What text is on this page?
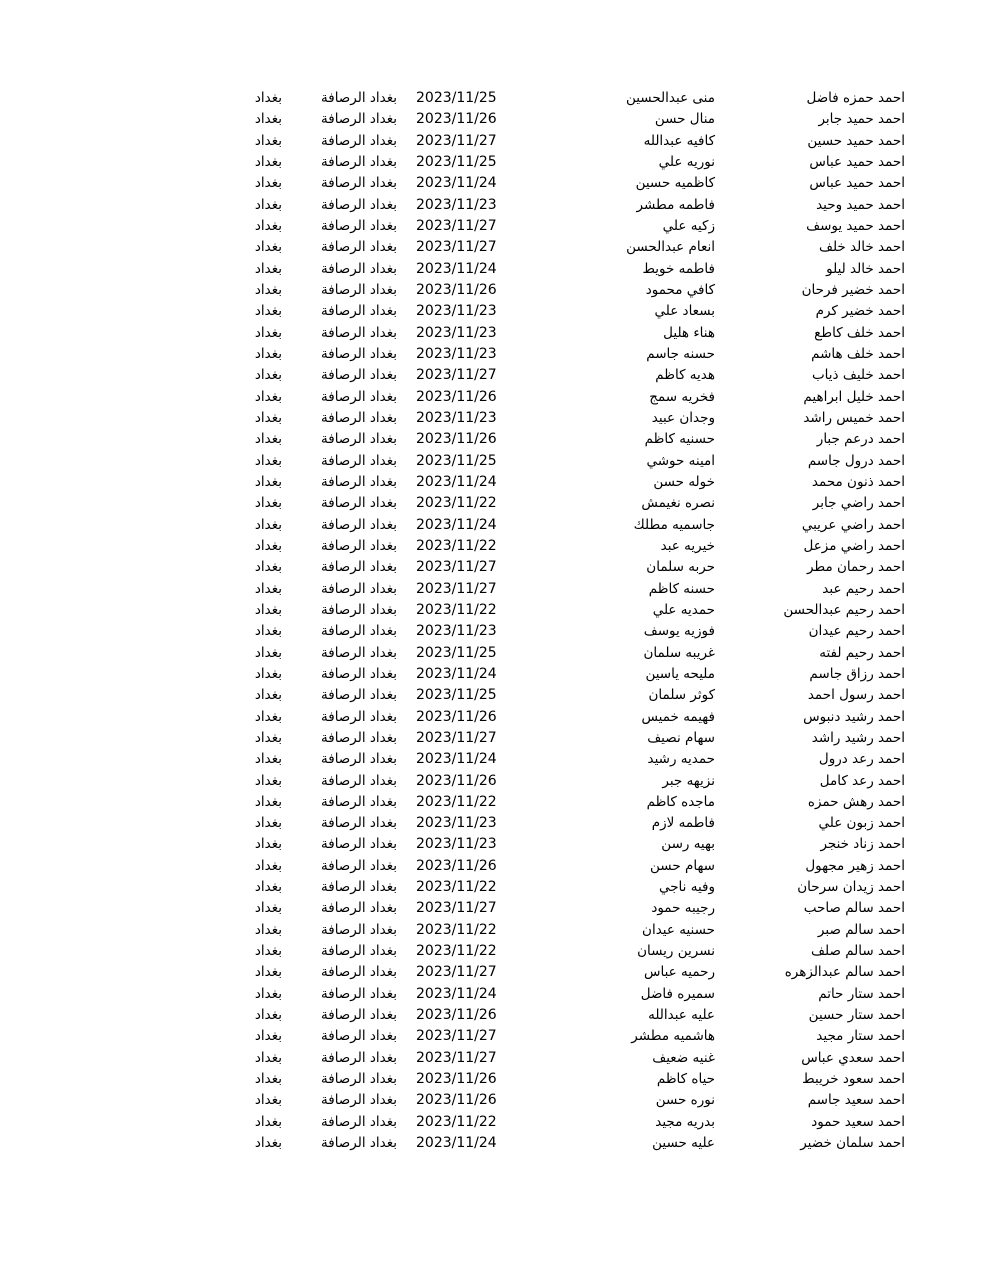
احمد حمزه فاضل
منى عبدالحسين
2023/11/25
بغداد الرصافة
بغداد
احمد حميد جابر
منال حسن
2023/11/26
بغداد الرصافة
بغداد
احمد حميد حسين
كافيه عبدالله
2023/11/27
بغداد الرصافة
بغداد
احمد حميد عباس
نوريه علي
2023/11/25
بغداد الرصافة
بغداد
احمد حميد عباس
كاظميه حسين
2023/11/24
بغداد الرصافة
بغداد
احمد حميد وحيد
فاطمه مطشر
2023/11/23
بغداد الرصافة
بغداد
احمد حميد يوسف
زكيه علي
2023/11/27
بغداد الرصافة
بغداد
احمد خالد خلف
انعام عبدالحسن
2023/11/27
بغداد الرصافة
بغداد
احمد خالد ليلو
فاطمه خويط
2023/11/24
بغداد الرصافة
بغداد
احمد خضير فرحان
كافي محمود
2023/11/26
بغداد الرصافة
بغداد
احمد خضير كرم
بسعاد علي
2023/11/23
بغداد الرصافة
بغداد
احمد خلف كاطع
هناء هليل
2023/11/23
بغداد الرصافة
بغداد
احمد خلف هاشم
حسنه جاسم
2023/11/23
بغداد الرصافة
بغداد
احمد خليف ذياب
هديه كاظم
2023/11/27
بغداد الرصافة
بغداد
احمد خليل ابراهيم
فخريه سمج
2023/11/26
بغداد الرصافة
بغداد
احمد خميس راشد
وجدان عبيد
2023/11/23
بغداد الرصافة
بغداد
احمد درعم جبار
حسنيه كاظم
2023/11/26
بغداد الرصافة
بغداد
احمد درول جاسم
امينه حوشي
2023/11/25
بغداد الرصافة
بغداد
احمد ذنون محمد
خوله حسن
2023/11/24
بغداد الرصافة
بغداد
احمد راضي جابر
نصره نغيمش
2023/11/22
بغداد الرصافة
بغداد
احمد راضي عريبي
جاسميه مطلك
2023/11/24
بغداد الرصافة
بغداد
احمد راضي مزعل
خيريه عبد
2023/11/22
بغداد الرصافة
بغداد
احمد رحمان مطر
حربه سلمان
2023/11/27
بغداد الرصافة
بغداد
احمد رحيم عبد
حسنه كاظم
2023/11/27
بغداد الرصافة
بغداد
احمد رحيم عبدالحسن
حمديه علي
2023/11/22
بغداد الرصافة
بغداد
احمد رحيم عيدان
فوزيه يوسف
2023/11/23
بغداد الرصافة
بغداد
احمد رحيم لفته
غريبه سلمان
2023/11/25
بغداد الرصافة
بغداد
احمد رزاق جاسم
مليحه ياسين
2023/11/24
بغداد الرصافة
بغداد
احمد رسول احمد
كوثر سلمان
2023/11/25
بغداد الرصافة
بغداد
احمد رشيد دنبوس
فهيمه خميس
2023/11/26
بغداد الرصافة
بغداد
احمد رشيد راشد
سهام نصيف
2023/11/27
بغداد الرصافة
بغداد
احمد رعد درول
حمديه رشيد
2023/11/24
بغداد الرصافة
بغداد
احمد رعد كامل
نزيهه جبر
2023/11/26
بغداد الرصافة
بغداد
احمد رهش حمزه
ماجده كاظم
2023/11/22
بغداد الرصافة
بغداد
احمد زبون علي
فاطمه لازم
2023/11/23
بغداد الرصافة
بغداد
احمد زناد خنجر
بهيه رسن
2023/11/23
بغداد الرصافة
بغداد
احمد زهير مجهول
سهام حسن
2023/11/26
بغداد الرصافة
بغداد
احمد زيدان سرحان
وفيه ناجي
2023/11/22
بغداد الرصافة
بغداد
احمد سالم صاحب
رجيبه حمود
2023/11/27
بغداد الرصافة
بغداد
احمد سالم صبر
حسنيه عيدان
2023/11/22
بغداد الرصافة
بغداد
احمد سالم صلف
نسرين ريسان
2023/11/22
بغداد الرصافة
بغداد
احمد سالم عبدالزهره
رحميه عباس
2023/11/27
بغداد الرصافة
بغداد
احمد ستار حاتم
سميره فاضل
2023/11/24
بغداد الرصافة
بغداد
احمد ستار حسين
عليه عبدالله
2023/11/26
بغداد الرصافة
بغداد
احمد ستار مجيد
هاشميه مطشر
2023/11/27
بغداد الرصافة
بغداد
احمد سعدي عباس
غنيه ضعيف
2023/11/27
بغداد الرصافة
بغداد
احمد سعود خريبط
حياه كاظم
2023/11/26
بغداد الرصافة
بغداد
احمد سعيد جاسم
نوره حسن
2023/11/26
بغداد الرصافة
بغداد
احمد سعيد حمود
بدريه مجيد
2023/11/22
بغداد الرصافة
بغداد
احمد سلمان خضير
عليه حسين
2023/11/24
بغداد الرصافة
بغداد
